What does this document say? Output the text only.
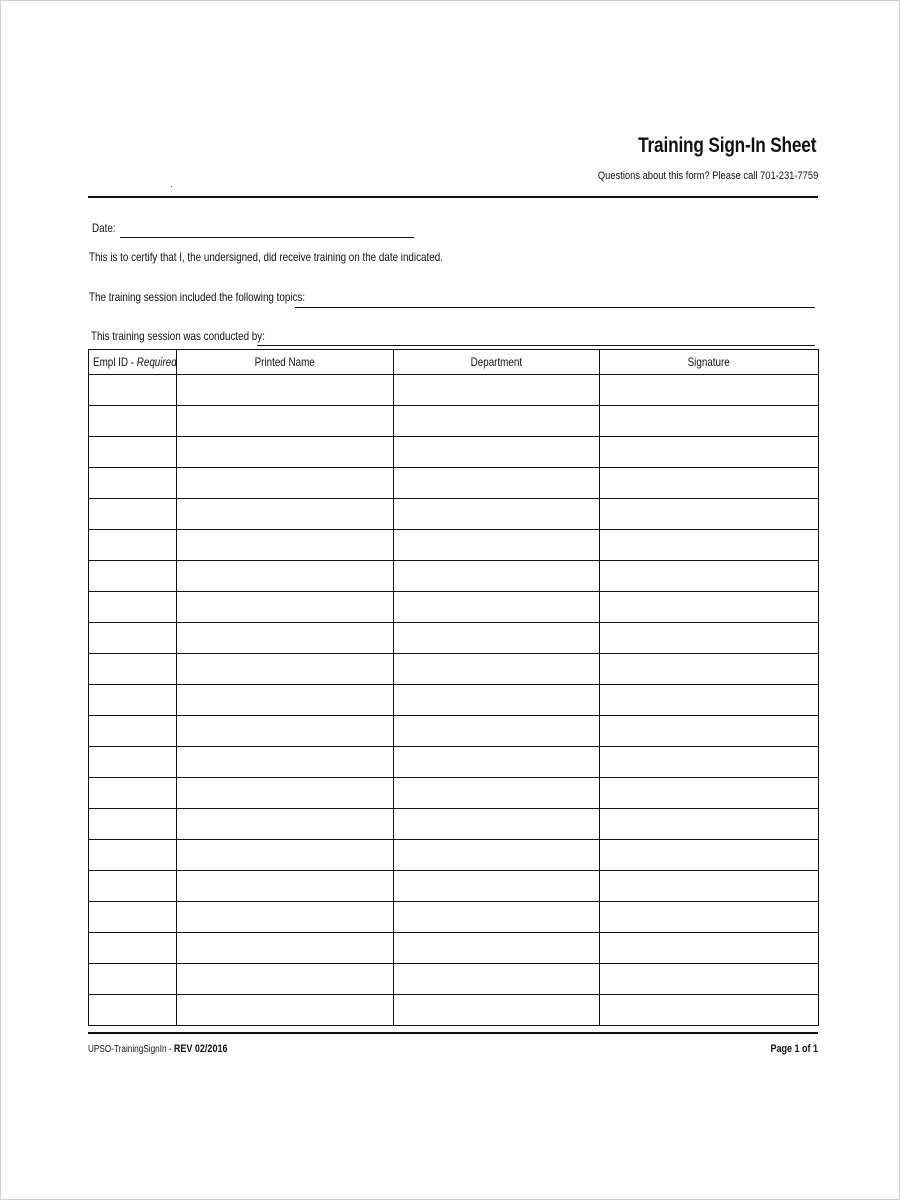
Training Sign-In Sheet
Questions about this form? Please call 701-231-7759
Date:
This is to certify that I, the undersigned, did receive training on the date indicated.
The training session included the following topics:
This training session was conducted by:
Empl ID - Required	Printed Name	Department	Signature

UPSO-TrainingSignIn - REV 02/2016	Page 1 of 1
